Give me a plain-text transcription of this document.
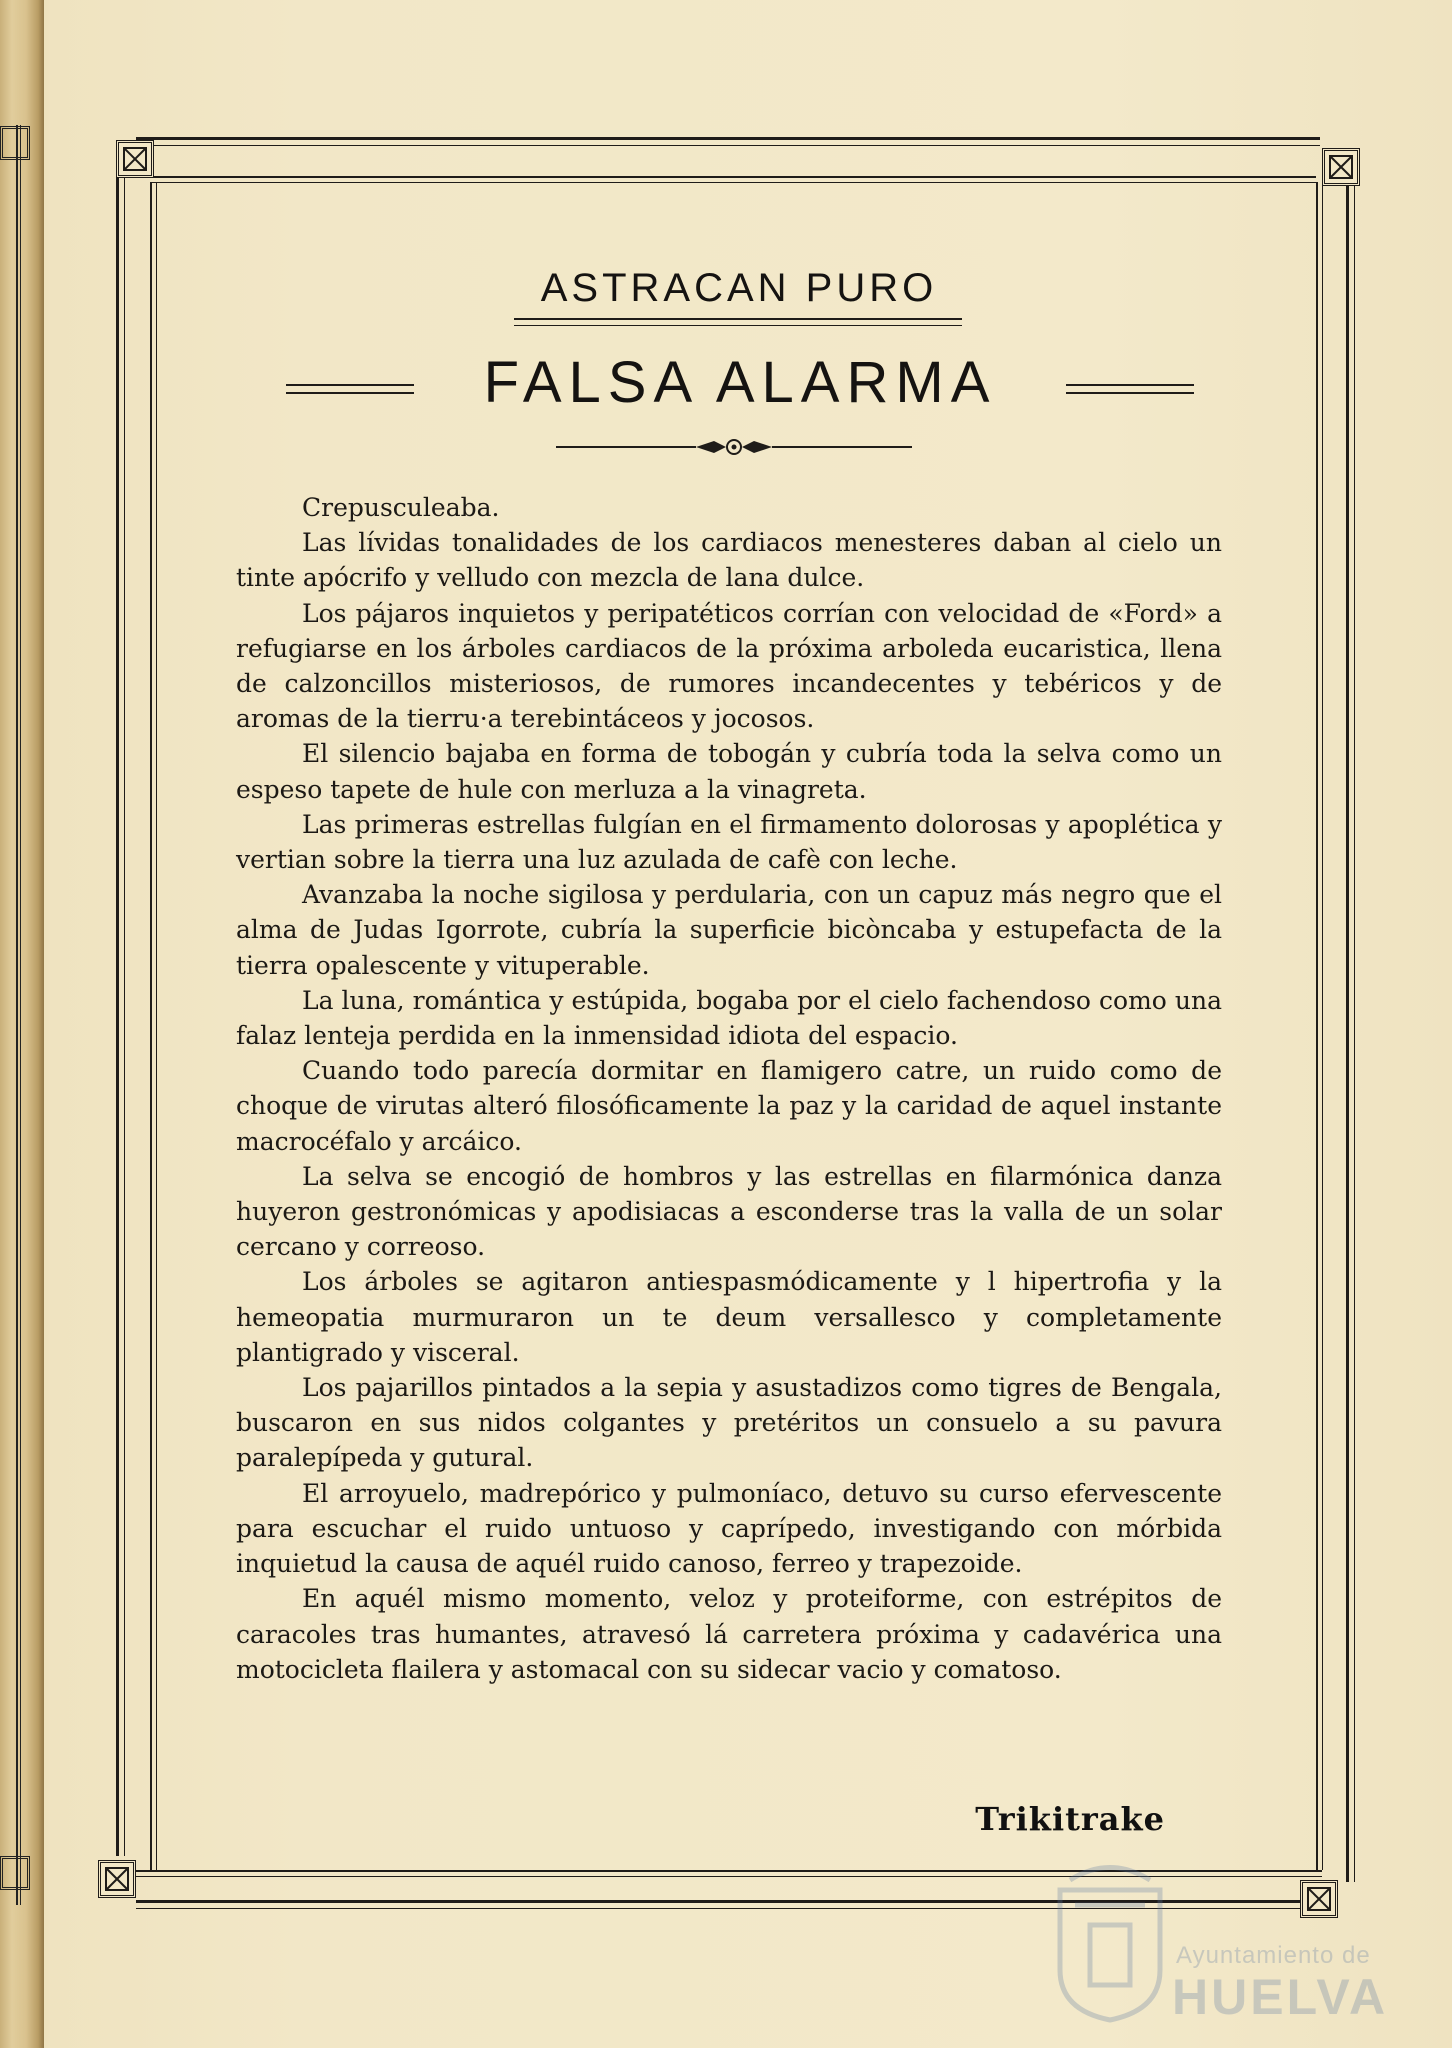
ASTRACAN PURO
FALSA ALARMA

Crepusculeaba.

Las lívidas tonalidades de los cardiacos menesteres daban al cielo un tinte apócrifo y velludo con mezcla de lana dulce.

Los pájaros inquietos y peripatéticos corrían con velocidad de «Ford» a refugiarse en los árboles cardiacos de la próxima arboleda eucaristica, llena de calzoncillos misteriosos, de rumores incandecentes y tebéricos y de aromas de la tierru·a terebintáceos y jocosos.

El silencio bajaba en forma de tobogán y cubría toda la selva como un espeso tapete de hule con merluza a la vinagreta.

Las primeras estrellas fulgían en el firmamento dolorosas y apoplética y vertian sobre la tierra una luz azulada de cafè con leche.

Avanzaba la noche sigilosa y perdularia, con un capuz más negro que el alma de Judas Igorrote, cubría la superficie bicòncaba y estupefacta de la tierra opalescente y vituperable.

La luna, romántica y estúpida, bogaba por el cielo fachendoso como una falaz lenteja perdida en la inmensidad idiota del espacio.

Cuando todo parecía dormitar en flamigero catre, un ruido como de choque de virutas alteró filosóficamente la paz y la caridad de aquel instante macrocéfalo y arcáico.

La selva se encogió de hombros y las estrellas en filarmónica danza huyeron gestronómicas y apodisiacas a esconderse tras la valla de un solar cercano y correoso.

Los árboles se agitaron antiespasmódicamente y l hipertrofia y la hemeopatia murmuraron un te deum versallesco y completamente plantigrado y visceral.

Los pajarillos pintados a la sepia y asustadizos como tigres de Bengala, buscaron en sus nidos colgantes y pretéritos un consuelo a su pavura paralepípeda y gutural.

El arroyuelo, madrepórico y pulmoníaco, detuvo su curso efervescente para escuchar el ruido untuoso y caprípedo, investigando con mórbida inquietud la causa de aquél ruido canoso, ferreo y trapezoide.

En aquél mismo momento, veloz y proteiforme, con estrépitos de caracoles tras humantes, atravesó lá carretera próxima y cadavérica una motocicleta flailera y astomacal con su sidecar vacio y comatoso.

Trikitrake
Ayuntamiento de
HUELVA
